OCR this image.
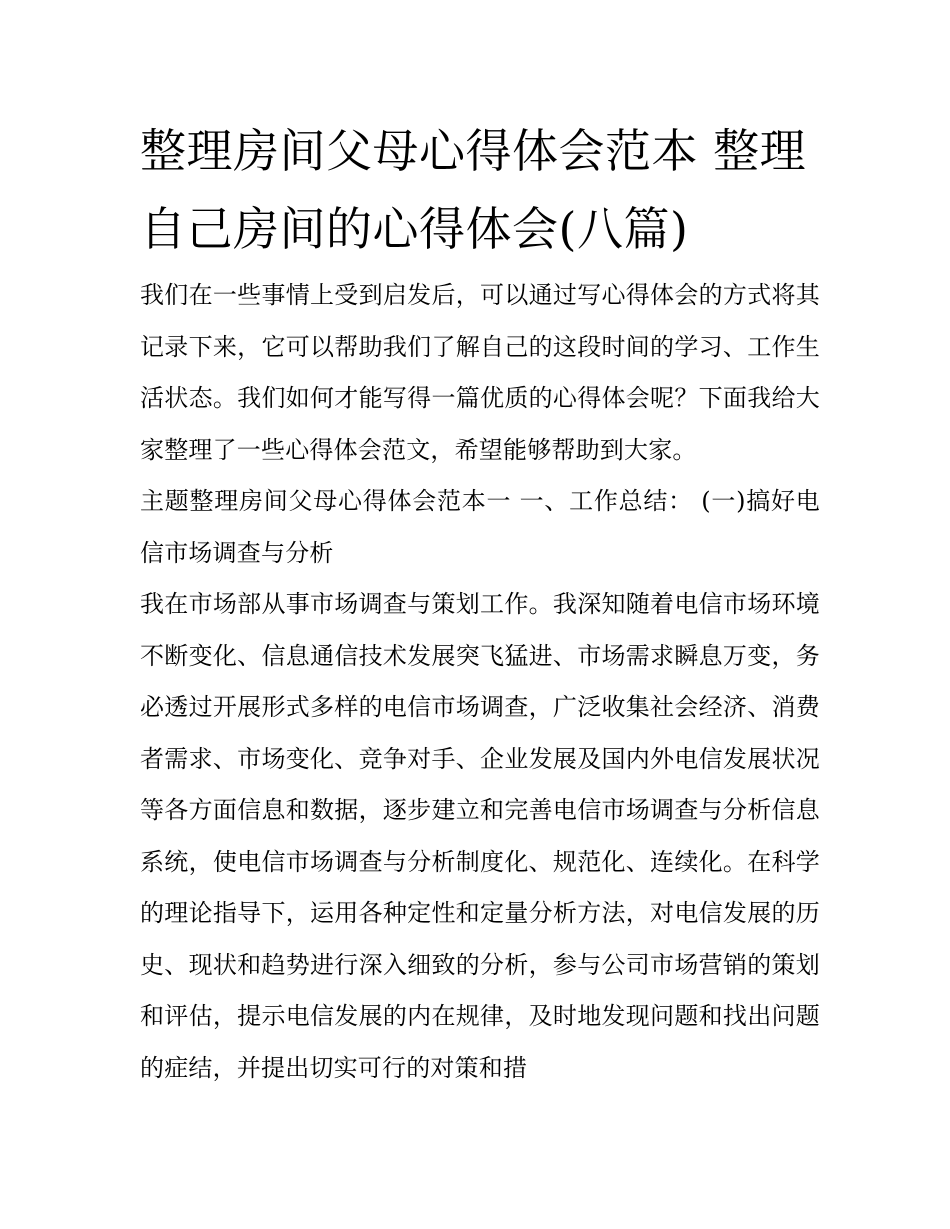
整理房间父母心得体会范本 整理自己房间的心得体会(八篇)

我们在一些事情上受到启发后，可以通过写心得体会的方式将其记录下来，它可以帮助我们了解自己的这段时间的学习、工作生活状态。我们如何才能写得一篇优质的心得体会呢？下面我给大家整理了一些心得体会范文，希望能够帮助到大家。

主题整理房间父母心得体会范本一 一、工作总结： (一)搞好电信市场调查与分析

我在市场部从事市场调查与策划工作。我深知随着电信市场环境不断变化、信息通信技术发展突飞猛进、市场需求瞬息万变，务必透过开展形式多样的电信市场调查，广泛收集社会经济、消费者需求、市场变化、竞争对手、企业发展及国内外电信发展状况等各方面信息和数据，逐步建立和完善电信市场调查与分析信息系统，使电信市场调查与分析制度化、规范化、连续化。在科学的理论指导下，运用各种定性和定量分析方法，对电信发展的历史、现状和趋势进行深入细致的分析，参与公司市场营销的策划和评估，提示电信发展的内在规律，及时地发现问题和找出问题的症结，并提出切实可行的对策和措
